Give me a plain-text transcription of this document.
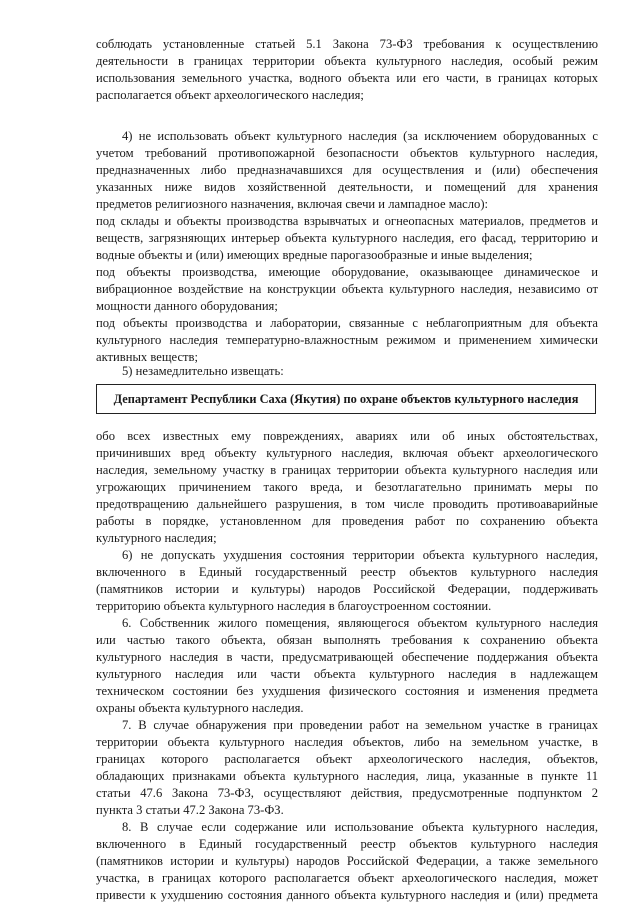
соблюдать установленные статьей 5.1 Закона 73-ФЗ требования к осуществлению

деятельности в границах территории объекта культурного наследия, особый режим

использования земельного участка, водного объекта или его части, в границах которых

располагается объект археологического наследия;

4) не использовать объект культурного наследия (за исключением оборудованных с

учетом требований противопожарной безопасности объектов культурного наследия,

предназначенных либо предназначавшихся для осуществления и (или) обеспечения

указанных ниже видов хозяйственной деятельности, и помещений для хранения

предметов религиозного назначения, включая свечи и лампадное масло):

под склады и объекты производства взрывчатых и огнеопасных материалов, предметов и

веществ, загрязняющих интерьер объекта культурного наследия, его фасад, территорию и

водные объекты и (или) имеющих вредные парогазообразные и иные выделения;

под объекты производства, имеющие оборудование, оказывающее динамическое и

вибрационное воздействие на конструкции объекта культурного наследия, независимо от

мощности данного оборудования;

под объекты производства и лаборатории, связанные с неблагоприятным для объекта

культурного наследия температурно-влажностным режимом и применением химически

активных веществ;

5) незамедлительно извещать:

Департамент Республики Саха (Якутия) по охране объектов культурного наследия

обо всех известных ему повреждениях, авариях или об иных обстоятельствах,

причинивших вред объекту культурного наследия, включая объект археологического

наследия, земельному участку в границах территории объекта культурного наследия или

угрожающих причинением такого вреда, и безотлагательно принимать меры по

предотвращению дальнейшего разрушения, в том числе проводить противоаварийные

работы в порядке, установленном для проведения работ по сохранению объекта

культурного наследия;

6) не допускать ухудшения состояния территории объекта культурного наследия,

включенного в Единый государственный реестр объектов культурного наследия

(памятников истории и культуры) народов Российской Федерации, поддерживать

территорию объекта культурного наследия в благоустроенном состоянии.

6. Собственник жилого помещения, являющегося объектом культурного наследия

или частью такого объекта, обязан выполнять требования к сохранению объекта

культурного наследия в части, предусматривающей обеспечение поддержания объекта

культурного наследия или части объекта культурного наследия в надлежащем

техническом состоянии без ухудшения физического состояния и изменения предмета

охраны объекта культурного наследия.

7. В случае обнаружения при проведении работ на земельном участке в границах

территории объекта культурного наследия объектов, либо на земельном участке, в

границах которого располагается объект археологического наследия, объектов,

обладающих признаками объекта культурного наследия, лица, указанные в пункте 11

статьи 47.6 Закона 73-ФЗ, осуществляют действия, предусмотренные подпунктом 2

пункта 3 статьи 47.2 Закона 73-ФЗ.

8. В случае если содержание или использование объекта культурного наследия,

включенного в Единый государственный реестр объектов культурного наследия

(памятников истории и культуры) народов Российской Федерации, а также земельного

участка, в границах которого располагается объект археологического наследия, может

привести к ухудшению состояния данного объекта культурного наследия и (или) предмета
